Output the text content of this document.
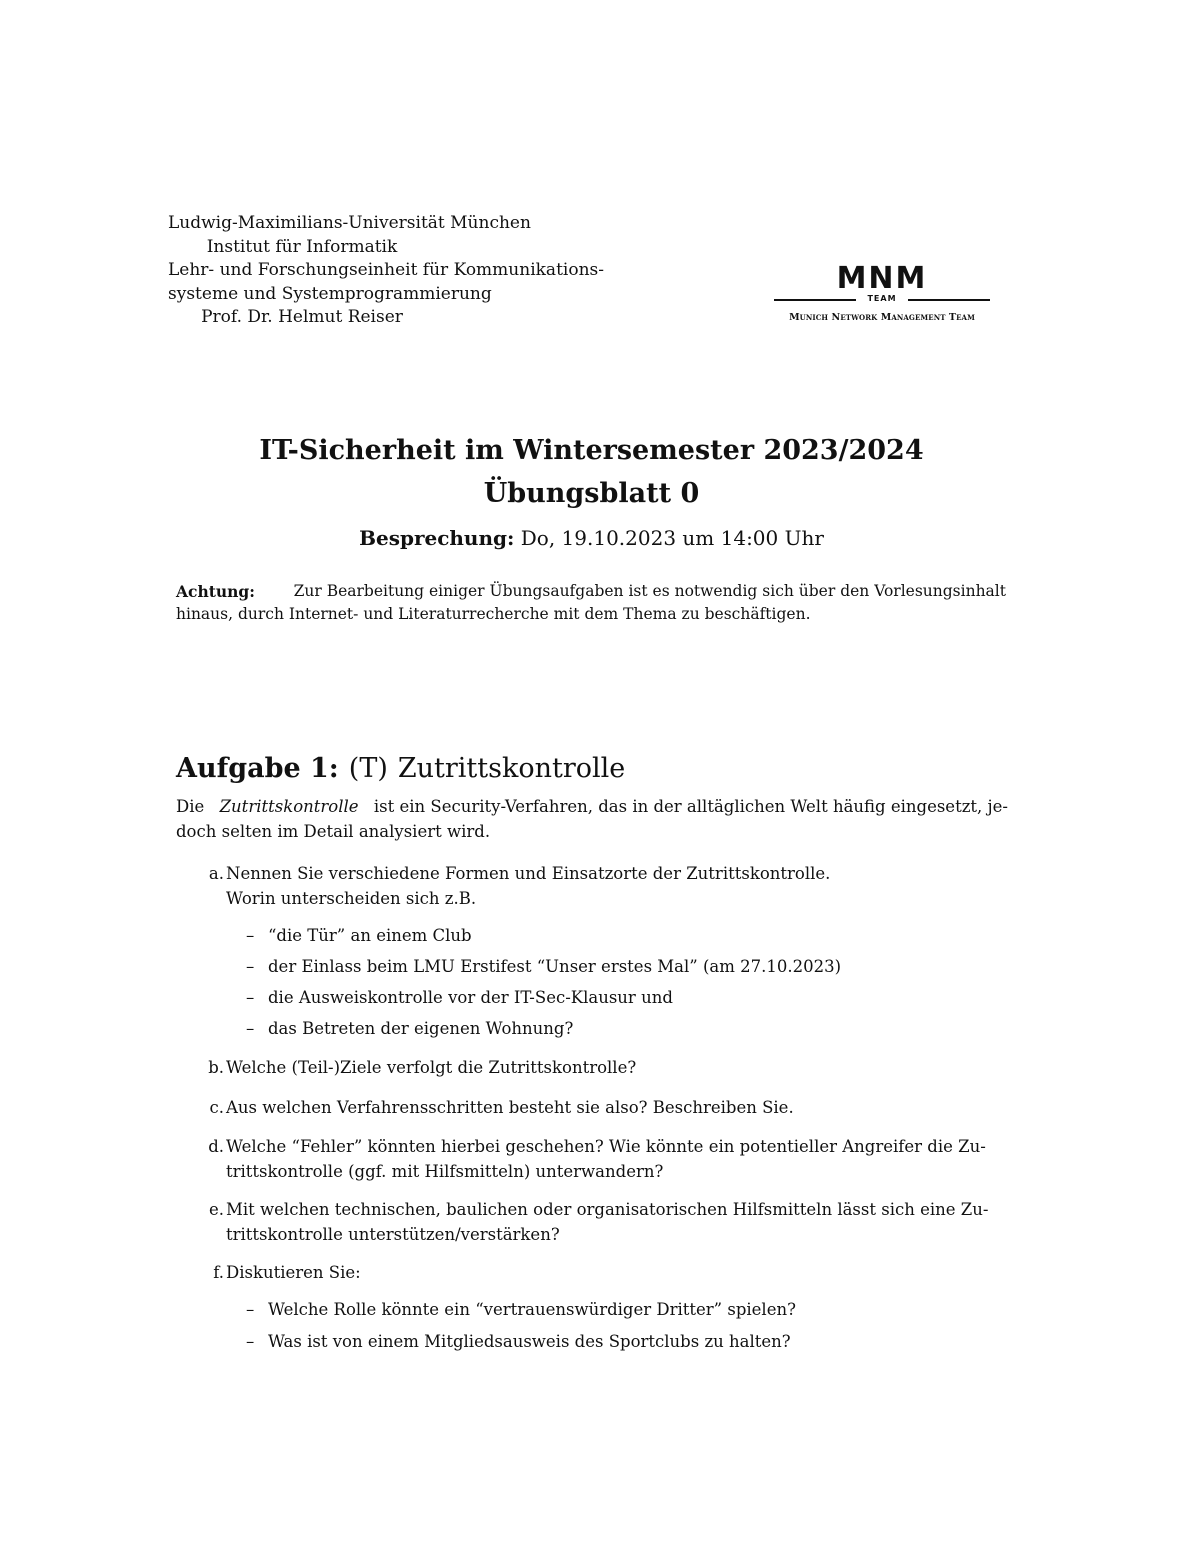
Ludwig-Maximilians-Universität München
Institut für Informatik
Lehr- und Forschungseinheit für Kommunikations-
systeme und Systemprogrammierung
Prof. Dr. Helmut Reiser
MNM
TEAM
Munich Network Management Team
IT-Sicherheit im Wintersemester 2023/2024
Übungsblatt 0
Besprechung: Do, 19.10.2023 um 14:00 Uhr
Achtung: Zur Bearbeitung einiger Übungsaufgaben ist es notwendig sich über den Vorlesungsinhalt
hinaus, durch Internet- und Literaturrecherche mit dem Thema zu beschäftigen.
Aufgabe 1: (T) Zutrittskontrolle
Die Zutrittskontrolle ist ein Security-Verfahren, das in der alltäglichen Welt häufig eingesetzt, je-
doch selten im Detail analysiert wird.
a. Nennen Sie verschiedene Formen und Einsatzorte der Zutrittskontrolle.
Worin unterscheiden sich z.B.
– “die Tür” an einem Club
– der Einlass beim LMU Erstifest “Unser erstes Mal” (am 27.10.2023)
– die Ausweiskontrolle vor der IT-Sec-Klausur und
– das Betreten der eigenen Wohnung?
b. Welche (Teil-)Ziele verfolgt die Zutrittskontrolle?
c. Aus welchen Verfahrensschritten besteht sie also? Beschreiben Sie.
d. Welche “Fehler” könnten hierbei geschehen? Wie könnte ein potentieller Angreifer die Zu-
trittskontrolle (ggf. mit Hilfsmitteln) unterwandern?
e. Mit welchen technischen, baulichen oder organisatorischen Hilfsmitteln lässt sich eine Zu-
trittskontrolle unterstützen/verstärken?
f. Diskutieren Sie:
– Welche Rolle könnte ein “vertrauenswürdiger Dritter” spielen?
– Was ist von einem Mitgliedsausweis des Sportclubs zu halten?
